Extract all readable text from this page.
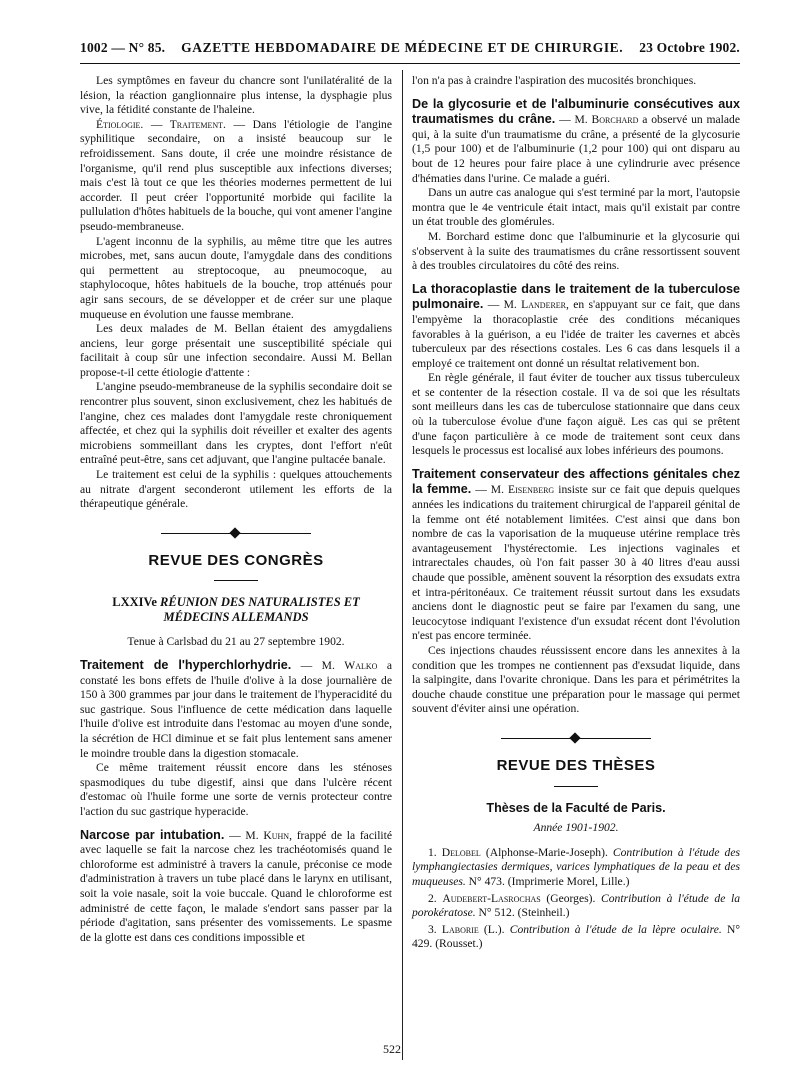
1002 — N° 85. GAZETTE HEBDOMADAIRE DE MÉDECINE ET DE CHIRURGIE. 23 Octobre 1902.

Les symptômes en faveur du chancre sont l'unilatéralité de la lésion, la réaction ganglionnaire plus intense, la dysphagie plus vive, la fétidité constante de l'haleine.

Étiologie. — Traitement. — Dans l'étiologie de l'angine syphilitique secondaire, on a insisté beaucoup sur le refroidissement. Sans doute, il crée une moindre résistance de l'organisme, qu'il rend plus susceptible aux infections diverses; mais c'est là tout ce que les théories modernes permettent de lui accorder. Il peut créer l'opportunité morbide qui facilite la pullulation d'hôtes habituels de la bouche, qui vont amener l'angine pseudo-membraneuse.

L'agent inconnu de la syphilis, au même titre que les autres microbes, met, sans aucun doute, l'amygdale dans des conditions qui permettent au streptocoque, au pneumocoque, au staphylocoque, hôtes habituels de la bouche, trop atténués pour agir sans secours, de se développer et de créer sur une plaque muqueuse en évolution une fausse membrane.

Les deux malades de M. Bellan étaient des amygdaliens anciens, leur gorge présentait une susceptibilité spéciale qui facilitait à coup sûr une infection secondaire. Aussi M. Bellan propose-t-il cette étiologie d'attente :

L'angine pseudo-membraneuse de la syphilis secondaire doit se rencontrer plus souvent, sinon exclusivement, chez les habitués de l'angine, chez ces malades dont l'amygdale reste chroniquement affectée, et chez qui la syphilis doit réveiller et exalter des agents microbiens sommeillant dans les cryptes, dont l'effort n'eût entraîné peut-être, sans cet adjuvant, que l'angine pultacée banale.

Le traitement est celui de la syphilis : quelques attouchements au nitrate d'argent seconderont utilement les efforts de la thérapeutique générale.

REVUE DES CONGRÈS
LXXIVe RÉUNION DES NATURALISTES ET MÉDECINS ALLEMANDS
Tenue à Carlsbad du 21 au 27 septembre 1902.

Traitement de l'hyperchlorhydrie. — M. Walko a constaté les bons effets de l'huile d'olive à la dose journalière de 150 à 300 grammes par jour dans le traitement de l'hyperacidité du suc gastrique. Sous l'influence de cette médication dans laquelle l'huile d'olive est introduite dans l'estomac au moyen d'une sonde, la sécrétion de HCl diminue et se fait plus lentement sans amener le moindre trouble dans la digestion stomacale.

Ce même traitement réussit encore dans les sténoses spasmodiques du tube digestif, ainsi que dans l'ulcère récent d'estomac où l'huile forme une sorte de vernis protecteur contre l'action du suc gastrique hyperacide.

Narcose par intubation. — M. Kuhn, frappé de la facilité avec laquelle se fait la narcose chez les trachéotomisés quand le chloroforme est administré à travers la canule, préconise ce mode d'administration à travers un tube placé dans le larynx en utilisant, soit la voie nasale, soit la voie buccale. Quand le chloroforme est administré de cette façon, le malade s'endort sans passer par la période d'agitation, sans présenter des vomissements. Le spasme de la glotte est dans ces conditions impossible et

l'on n'a pas à craindre l'aspiration des mucosités bronchiques.

De la glycosurie et de l'albuminurie consécutives aux traumatismes du crâne. — M. Borchard a observé un malade qui, à la suite d'un traumatisme du crâne, a présenté de la glycosurie (1,5 pour 100) et de l'albuminurie (1,2 pour 100) qui ont disparu au bout de 12 heures pour faire place à une cylindrurie avec présence d'hématies dans l'urine. Ce malade a guéri.

Dans un autre cas analogue qui s'est terminé par la mort, l'autopsie montra que le 4e ventricule était intact, mais qu'il existait par contre un état trouble des glomérules.

M. Borchard estime donc que l'albuminurie et la glycosurie qui s'observent à la suite des traumatismes du crâne ressortissent souvent à des troubles circulatoires du côté des reins.

La thoracoplastie dans le traitement de la tuberculose pulmonaire. — M. Landerer, en s'appuyant sur ce fait, que dans l'empyème la thoracoplastie crée des conditions mécaniques favorables à la guérison, a eu l'idée de traiter les cavernes et abcès tuberculeux par des résections costales. Les 6 cas dans lesquels il a employé ce traitement ont donné un résultat relativement bon.

En règle générale, il faut éviter de toucher aux tissus tuberculeux et se contenter de la résection costale. Il va de soi que les résultats sont meilleurs dans les cas de tuberculose stationnaire que dans ceux où la tuberculose évolue d'une façon aiguë. Les cas qui se prêtent d'une façon particulière à ce mode de traitement sont ceux dans lesquels le processus est localisé aux lobes inférieurs des poumons.

Traitement conservateur des affections génitales chez la femme. — M. Eisenberg insiste sur ce fait que depuis quelques années les indications du traitement chirurgical de l'appareil génital de la femme ont été notablement limitées. C'est ainsi que dans bon nombre de cas la vaporisation de la muqueuse utérine remplace très avantageusement l'hystérectomie. Les injections vaginales et intrarectales chaudes, où l'on fait passer 30 à 40 litres d'eau aussi chaude que possible, amènent souvent la résorption des exsudats extra et intra-péritonéaux. Ce traitement réussit surtout dans les exsudats anciens dont le diagnostic peut se faire par l'examen du sang, une leucocytose indiquant l'existence d'un exsudat récent dont l'évolution n'est pas encore terminée.

Ces injections chaudes réussissent encore dans les annexites à la condition que les trompes ne contiennent pas d'exsudat liquide, dans la salpingite, dans l'ovarite chronique. Dans les para et périmétrites la douche chaude constitue une préparation pour le massage qui permet souvent d'éviter ainsi une opération.

REVUE DES THÈSES
Thèses de la Faculté de Paris.
Année 1901-1902.

1. Delobel (Alphonse-Marie-Joseph). Contribution à l'étude des lymphangiectasies dermiques, varices lymphatiques de la peau et des muqueuses. N° 473. (Imprimerie Morel, Lille.)

2. Audebert-Lasrochas (Georges). Contribution à l'étude de la porokératose. N° 512. (Steinheil.)

3. Laborie (L.). Contribution à l'étude de la lèpre oculaire. N° 429. (Rousset.)

522
